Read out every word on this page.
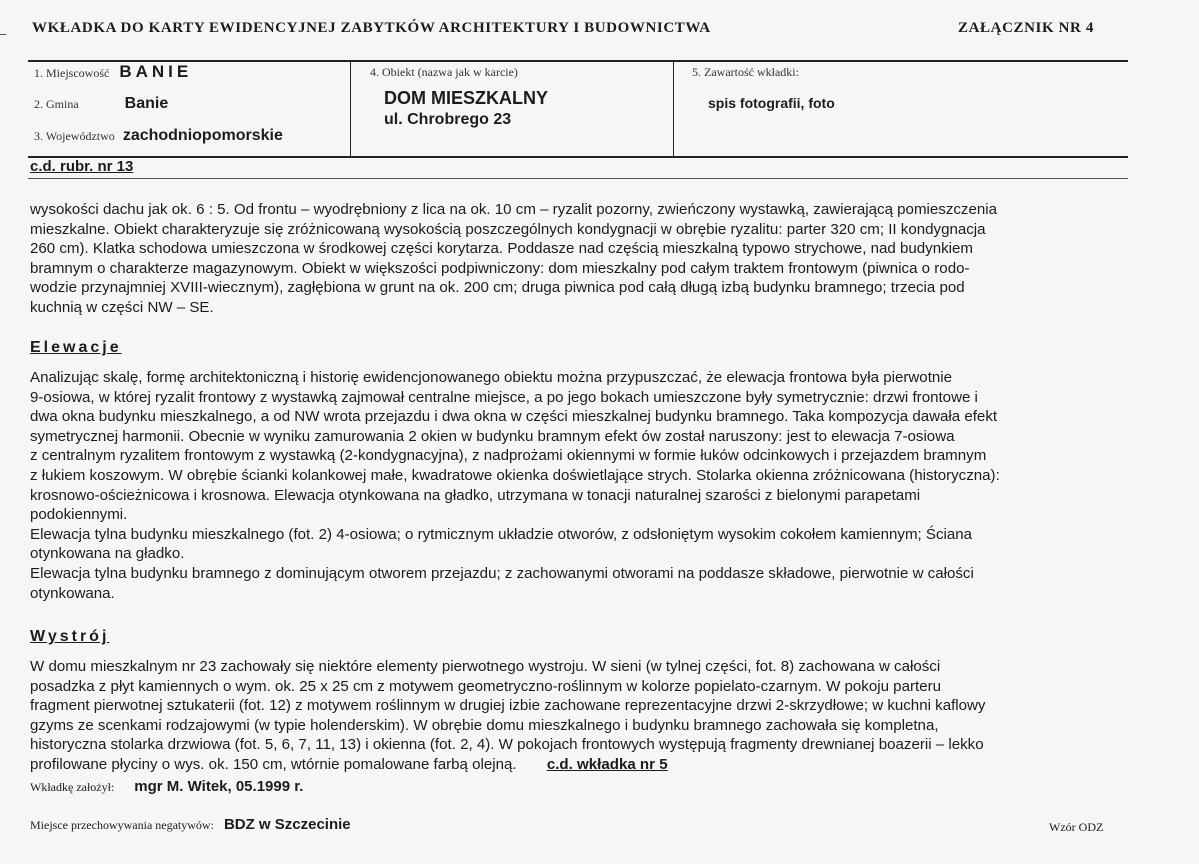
WKŁADKA DO KARTY EWIDENCYJNEJ ZABYTKÓW ARCHITEKTURY I BUDOWNICTWA	ZAŁĄCZNIK NR 4
1. Miejscowość BANIE
2. Gmina	Banie
3. Województwo zachodniopomorskie
4. Obiekt (nazwa jak w karcie)
DOM MIESZKALNY
ul. Chrobrego 23
5. Zawartość wkładki:
spis fotografii, foto
c.d. rubr. nr 13
wysokości dachu jak ok. 6 : 5. Od frontu – wyodrębniony z lica na ok. 10 cm – ryzalit pozorny, zwieńczony wystawką, zawierającą pomieszczenia
mieszkalne. Obiekt charakteryzuje się zróżnicowaną wysokością poszczególnych kondygnacji w obrębie ryzalitu: parter 320 cm; II kondygnacja
260 cm). Klatka schodowa umieszczona w środkowej części korytarza. Poddasze nad częścią mieszkalną typowo strychowe, nad budynkiem
bramnym o charakterze magazynowym. Obiekt w większości podpiwniczony: dom mieszkalny pod całym traktem frontowym (piwnica o rodo-
wodzie przynajmniej XVIII-wiecznym), zagłębiona w grunt na ok. 200 cm; druga piwnica pod całą długą izbą budynku bramnego; trzecia pod
kuchnią w części NW – SE.
Elewacje
Analizując skalę, formę architektoniczną i historię ewidencjonowanego obiektu można przypuszczać, że elewacja frontowa była pierwotnie
9-osiowa, w której ryzalit frontowy z wystawką zajmował centralne miejsce, a po jego bokach umieszczone były symetrycznie: drzwi frontowe i
dwa okna budynku mieszkalnego, a od NW wrota przejazdu i dwa okna w części mieszkalnej budynku bramnego. Taka kompozycja dawała efekt
symetrycznej harmonii. Obecnie w wyniku zamurowania 2 okien w budynku bramnym efekt ów został naruszony: jest to elewacja 7-osiowa
z centralnym ryzalitem frontowym z wystawką (2-kondygnacyjna), z nadprożami okiennymi w formie łuków odcinkowych i przejazdem bramnym
z łukiem koszowym. W obrębie ścianki kolankowej małe, kwadratowe okienka doświetlające strych. Stolarka okienna zróżnicowana (historyczna):
krosnowo-ościeżnicowa i krosnowa. Elewacja otynkowana na gładko, utrzymana w tonacji naturalnej szarości z bielonymi parapetami
podokiennymi.
Elewacja tylna budynku mieszkalnego (fot. 2) 4-osiowa; o rytmicznym układzie otworów, z odsłoniętym wysokim cokołem kamiennym; Ściana
otynkowana na gładko.
Elewacja tylna budynku bramnego z dominującym otworem przejazdu; z zachowanymi otworami na poddasze składowe, pierwotnie w całości
otynkowana.
Wystrój
W domu mieszkalnym nr 23 zachowały się niektóre elementy pierwotnego wystroju. W sieni (w tylnej części, fot. 8) zachowana w całości
posadzka z płyt kamiennych o wym. ok. 25 x 25 cm z motywem geometryczno-roślinnym w kolorze popielato-czarnym. W pokoju parteru
fragment pierwotnej sztukaterii (fot. 12) z motywem roślinnym w drugiej izbie zachowane reprezentacyjne drzwi 2-skrzydłowe; w kuchni kaflowy
gzyms ze scenkami rodzajowymi (w typie holenderskim). W obrębie domu mieszkalnego i budynku bramnego zachowała się kompletna,
historyczna stolarka drzwiowa (fot. 5, 6, 7, 11, 13) i okienna (fot. 2, 4). W pokojach frontowych występują fragmenty drewnianej boazerii – lekko
profilowane płyciny o wys. ok. 150 cm, wtórnie pomalowane farbą olejną. c.d. wkładka nr 5
Wkładkę założył: mgr M. Witek, 05.1999 r.
Miejsce przechowywania negatywów: BDZ w Szczecinie	Wzór ODZ
